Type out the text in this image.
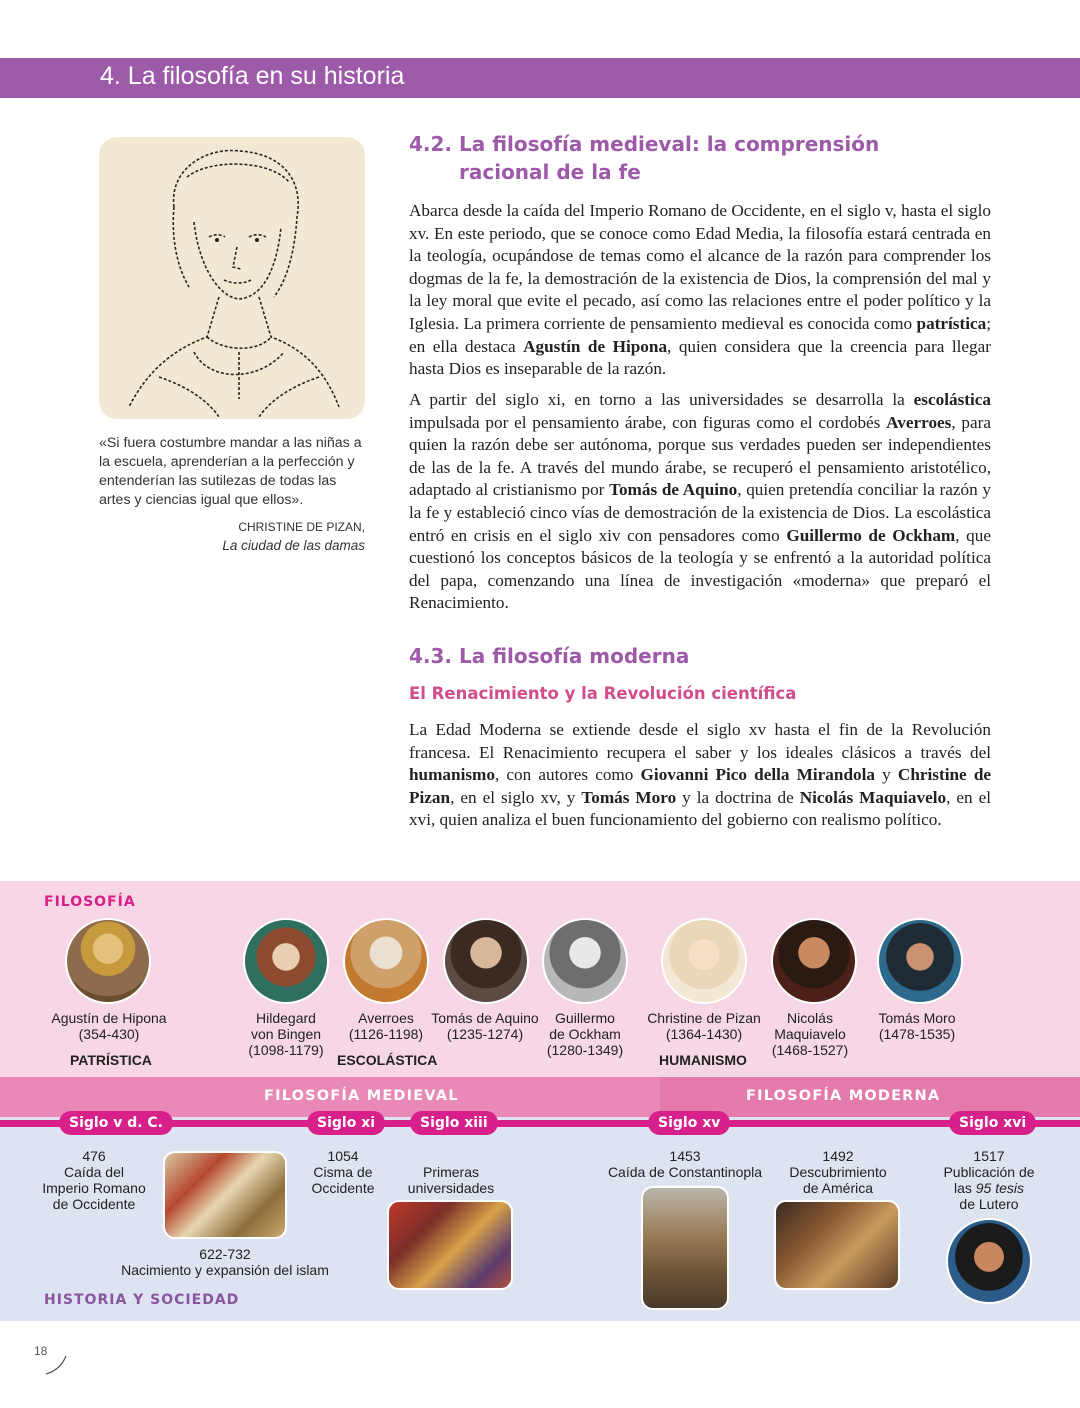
4. La filosofía en su historia
«Si fuera costumbre mandar a las niñas a la escuela, aprenderían a la perfección y entenderían las sutilezas de todas las artes y ciencias igual que ellos».
CHRISTINE DE PIZAN,
La ciudad de las damas
4.2. La filosofía medieval: la comprensión
racional de la fe

Abarca desde la caída del Imperio Romano de Occidente, en el siglo v, hasta el siglo xv. En este periodo, que se conoce como Edad Media, la filosofía estará centrada en la teología, ocupándose de temas como el alcance de la razón para comprender los dogmas de la fe, la demostración de la existencia de Dios, la comprensión del mal y la ley moral que evite el pecado, así como las relaciones entre el poder político y la Iglesia. La primera corriente de pensamiento medieval es conocida como patrística; en ella destaca Agustín de Hipona, quien considera que la creencia para llegar hasta Dios es inseparable de la razón.

A partir del siglo xi, en torno a las universidades se desarrolla la escolástica impulsada por el pensamiento árabe, con figuras como el cordobés Averroes, para quien la razón debe ser autónoma, porque sus verdades pueden ser independientes de las de la fe. A través del mundo árabe, se recuperó el pensamiento aristotélico, adaptado al cristianismo por Tomás de Aquino, quien pretendía conciliar la razón y la fe y estableció cinco vías de demostración de la existencia de Dios. La escolástica entró en crisis en el siglo xiv con pensadores como Guillermo de Ockham, que cuestionó los conceptos básicos de la teología y se enfrentó a la autoridad política del papa, comenzando una línea de investigación «moderna» que preparó el Renacimiento.

4.3. La filosofía moderna
El Renacimiento y la Revolución científica

La Edad Moderna se extiende desde el siglo xv hasta el fin de la Revolución francesa. El Renacimiento recupera el saber y los ideales clásicos a través del humanismo, con autores como Giovanni Pico della Mirandola y Christine de Pizan, en el siglo xv, y Tomás Moro y la doctrina de Nicolás Maquiavelo, en el xvi, quien analiza el buen funcionamiento del gobierno con realismo político.

FILOSOFÍA
HISTORIA Y SOCIEDAD
FILOSOFÍA MEDIEVAL	FILOSOFÍA MODERNA
Agustín de Hipona
(354-430)
Hildegard
von Bingen
(1098-1179)
Averroes
(1126-1198)
Tomás de Aquino
(1235-1274)
Guillermo
de Ockham
(1280-1349)
Christine de Pizan
(1364-1430)
Nicolás
Maquiavelo
(1468-1527)
Tomás Moro
(1478-1535)
PATRÍSTICA	ESCOLÁSTICA	HUMANISMO
Siglo v d. C.	Siglo xi	Siglo xiii	Siglo xv	Siglo xvi
476
Caída del
Imperio Romano
de Occidente
622-732
Nacimiento y expansión del islam
1054
Cisma de
Occidente
Primeras
universidades
1453
Caída de Constantinopla
1492
Descubrimiento
de América
1517
Publicación de
las 95 tesis
de Lutero
18
